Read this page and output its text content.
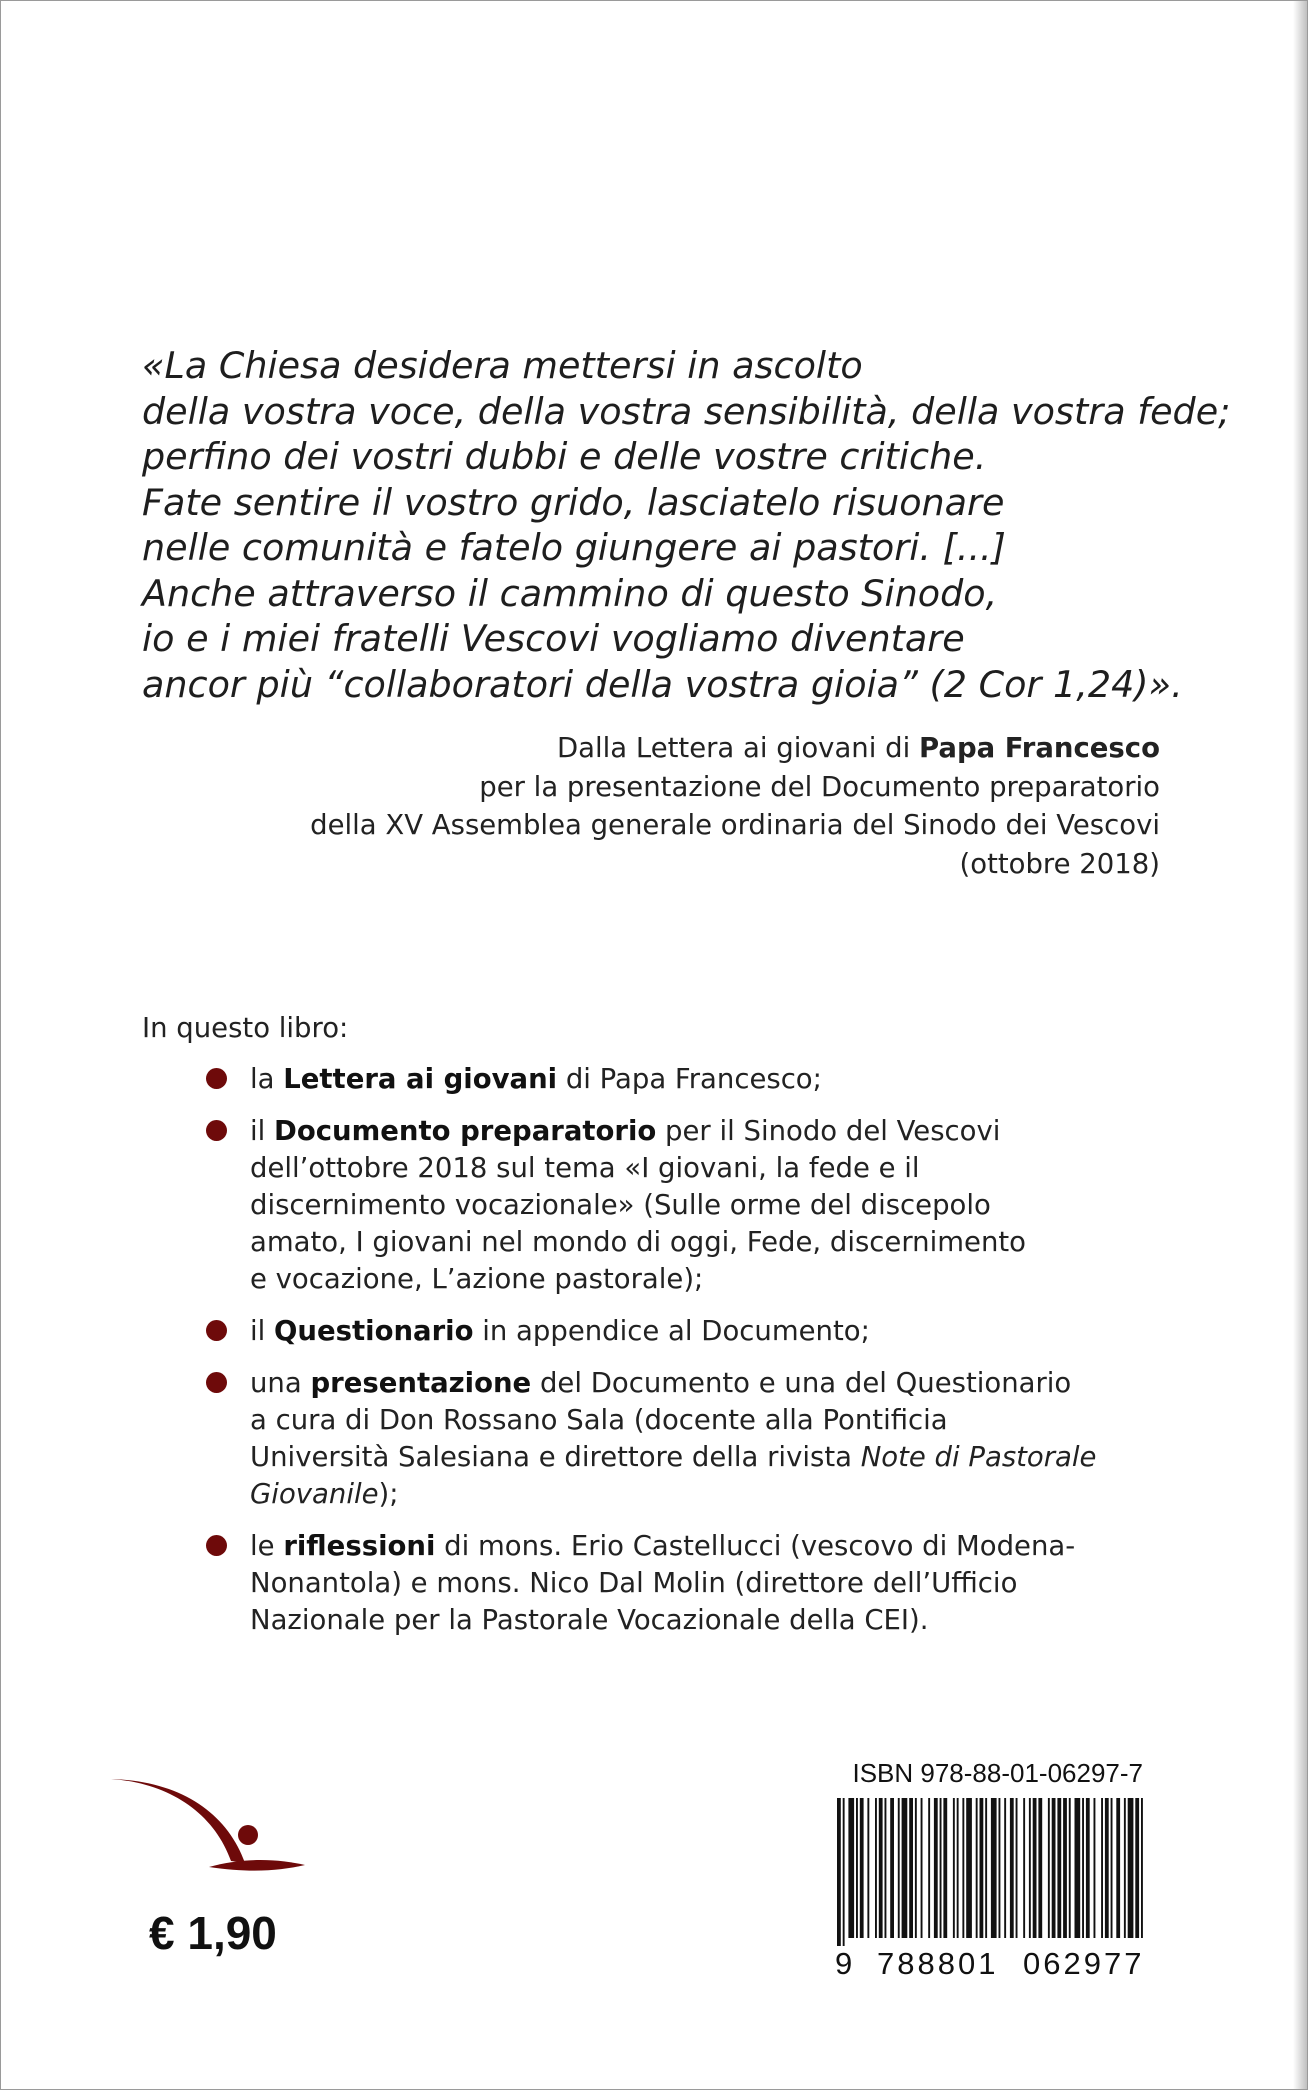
«La Chiesa desidera mettersi in ascolto
della vostra voce, della vostra sensibilità, della vostra fede;
perfino dei vostri dubbi e delle vostre critiche.
Fate sentire il vostro grido, lasciatelo risuonare
nelle comunità e fatelo giungere ai pastori. [...]
Anche attraverso il cammino di questo Sinodo,
io e i miei fratelli Vescovi vogliamo diventare
ancor più “collaboratori della vostra gioia” (2 Cor 1,24)».

Dalla Lettera ai giovani di Papa Francesco
per la presentazione del Documento preparatorio
della XV Assemblea generale ordinaria del Sinodo dei Vescovi
(ottobre 2018)

In questo libro:

la Lettera ai giovani di Papa Francesco;
il Documento preparatorio per il Sinodo del Vescovi
dell’ottobre 2018 sul tema «I giovani, la fede e il
discernimento vocazionale» (Sulle orme del discepolo
amato, I giovani nel mondo di oggi, Fede, discernimento
e vocazione, L’azione pastorale);
il Questionario in appendice al Documento;
una presentazione del Documento e una del Questionario
a cura di Don Rossano Sala (docente alla Pontificia
Università Salesiana e direttore della rivista Note di Pastorale
Giovanile);
le riflessioni di mons. Erio Castellucci (vescovo di Modena-
Nonantola) e mons. Nico Dal Molin (direttore dell’Ufficio
Nazionale per la Pastorale Vocazionale della CEI).

€ 1,90

ISBN 978-88-01-06297-7

9 788801 062977
